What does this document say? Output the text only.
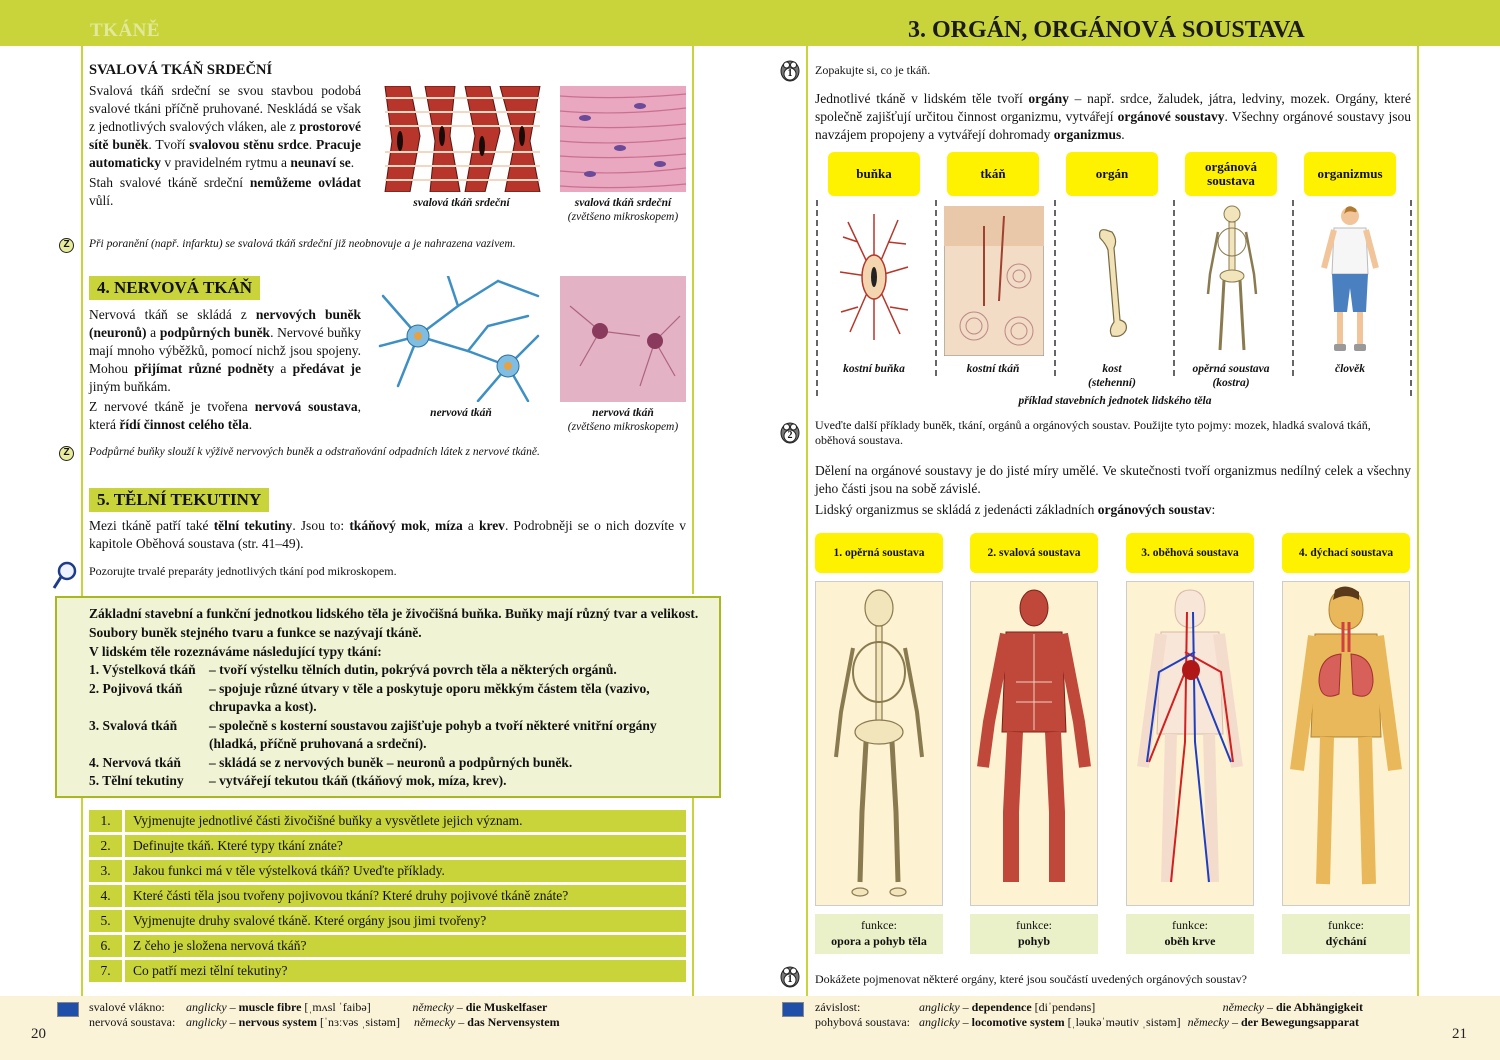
TKÁNĚ	3. ORGÁN, ORGÁNOVÁ SOUSTAVA
SVALOVÁ TKÁŇ SRDEČNÍ
Svalová tkáň srdeční se svou stavbou podobá svalové tkáni příčně pruhované. Neskládá se však z jednotlivých svalových vláken, ale z prostorové sítě buněk. Tvoří svalovou stěnu srdce. Pracuje automaticky v pravidelném rytmu a neunaví se.
Stah svalové tkáně srdeční nemůžeme ovládat vůlí.	svalová tkáň srdeční	svalová tkáň srdeční
(zvětšeno mikroskopem)
Z	Při poranění (např. infarktu) se svalová tkáň srdeční již neobnovuje a je nahrazena vazivem.
4. NERVOVÁ TKÁŇ
Nervová tkáň se skládá z nervových buněk (neuronů) a podpůrných buněk. Nervové buňky mají mnoho výběžků, pomocí nichž jsou spojeny. Mohou přijímat různé podněty a předávat je jiným buňkám.
Z nervové tkáně je tvořena nervová soustava, která řídí činnost celého těla.
nervová tkáň	nervová tkáň
(zvětšeno mikroskopem)
Z	Podpůrné buňky slouží k výživě nervových buněk a odstraňování odpadních látek z nervové tkáně.
5. TĚLNÍ TEKUTINY
Mezi tkáně patří také tělní tekutiny. Jsou to: tkáňový mok, míza a krev. Podrobněji se o nich dozvíte v kapitole Oběhová soustava (str. 41–49).
Pozorujte trvalé preparáty jednotlivých tkání pod mikroskopem.
Základní stavební a funkční jednotkou lidského těla je živočišná buňka. Buňky mají různý tvar a velikost. Soubory buněk stejného tvaru a funkce se nazývají tkáně.
V lidském těle rozeznáváme následující typy tkání:
1. Výstelková tkáň	– tvoří výstelku tělních dutin, pokrývá povrch těla a některých orgánů.
2. Pojivová tkáň	– spojuje různé útvary v těle a poskytuje oporu měkkým částem těla (vazivo, chrupavka a kost).
3. Svalová tkáň	– společně s kosterní soustavou zajišťuje pohyb a tvoří některé vnitřní orgány (hladká, příčně pruhovaná a srdeční).
4. Nervová tkáň	– skládá se z nervových buněk – neuronů a podpůrných buněk.
5. Tělní tekutiny	– vytvářejí tekutou tkáň (tkáňový mok, míza, krev).
1.	Vyjmenujte jednotlivé části živočišné buňky a vysvětlete jejich význam.
2.	Definujte tkáň. Které typy tkání znáte?
3.	Jakou funkci má v těle výstelková tkáň? Uveďte příklady.
4.	Které části těla jsou tvořeny pojivovou tkání? Které druhy pojivové tkáně znáte?
5.	Vyjmenujte druhy svalové tkáně. Které orgány jsou jimi tvořeny?
6.	Z čeho je složena nervová tkáň?
7.	Co patří mezi tělní tekutiny?
1 Zopakujte si, co je tkáň.
Jednotlivé tkáně v lidském těle tvoří orgány – např. srdce, žaludek, játra, ledviny, mozek. Orgány, které společně zajišťují určitou činnost organizmu, vytvářejí orgánové soustavy. Všechny orgánové soustavy jsou navzájem propojeny a vytvářejí dohromady organizmus.
buňka	tkáň	orgán	orgánová soustava	organizmus
kostní buňka	kostní tkáň	kost
(stehenní)
opěrná soustava
(kostra)
člověk
příklad stavebních jednotek lidského těla
2
Uveďte další příklady buněk, tkání, orgánů a orgánových soustav. Použijte tyto pojmy: mozek, hladká svalová tkáň, oběhová soustava.
Dělení na orgánové soustavy je do jisté míry umělé. Ve skutečnosti tvoří organizmus nedílný celek a všechny jeho části jsou na sobě závislé.
Lidský organizmus se skládá z jedenácti základních orgánových soustav:
1. opěrná soustava	2. svalová soustava	3. oběhová soustava	4. dýchací soustava
funkce:
opora a pohyb těla
funkce:
pohyb
funkce:
oběh krve
funkce:
dýchání
1 Dokážete pojmenovat některé orgány, které jsou součástí uvedených orgánových soustav?
svalové vlákno: anglicky – muscle fibre [ˌmʌsl ˈfaibə]	německy – die Muskelfaser
nervová soustava: anglicky – nervous system [ˈnɜːvəs ˌsistəm] německy – das Nervensystem
závislost:	anglicky – dependence [diˈpendəns]	německy – die Abhängigkeit
pohybová soustava: anglicky – locomotive system [ˌləukəˈməutiv ˌsistəm] německy – der Bewegungsapparat
20	21
